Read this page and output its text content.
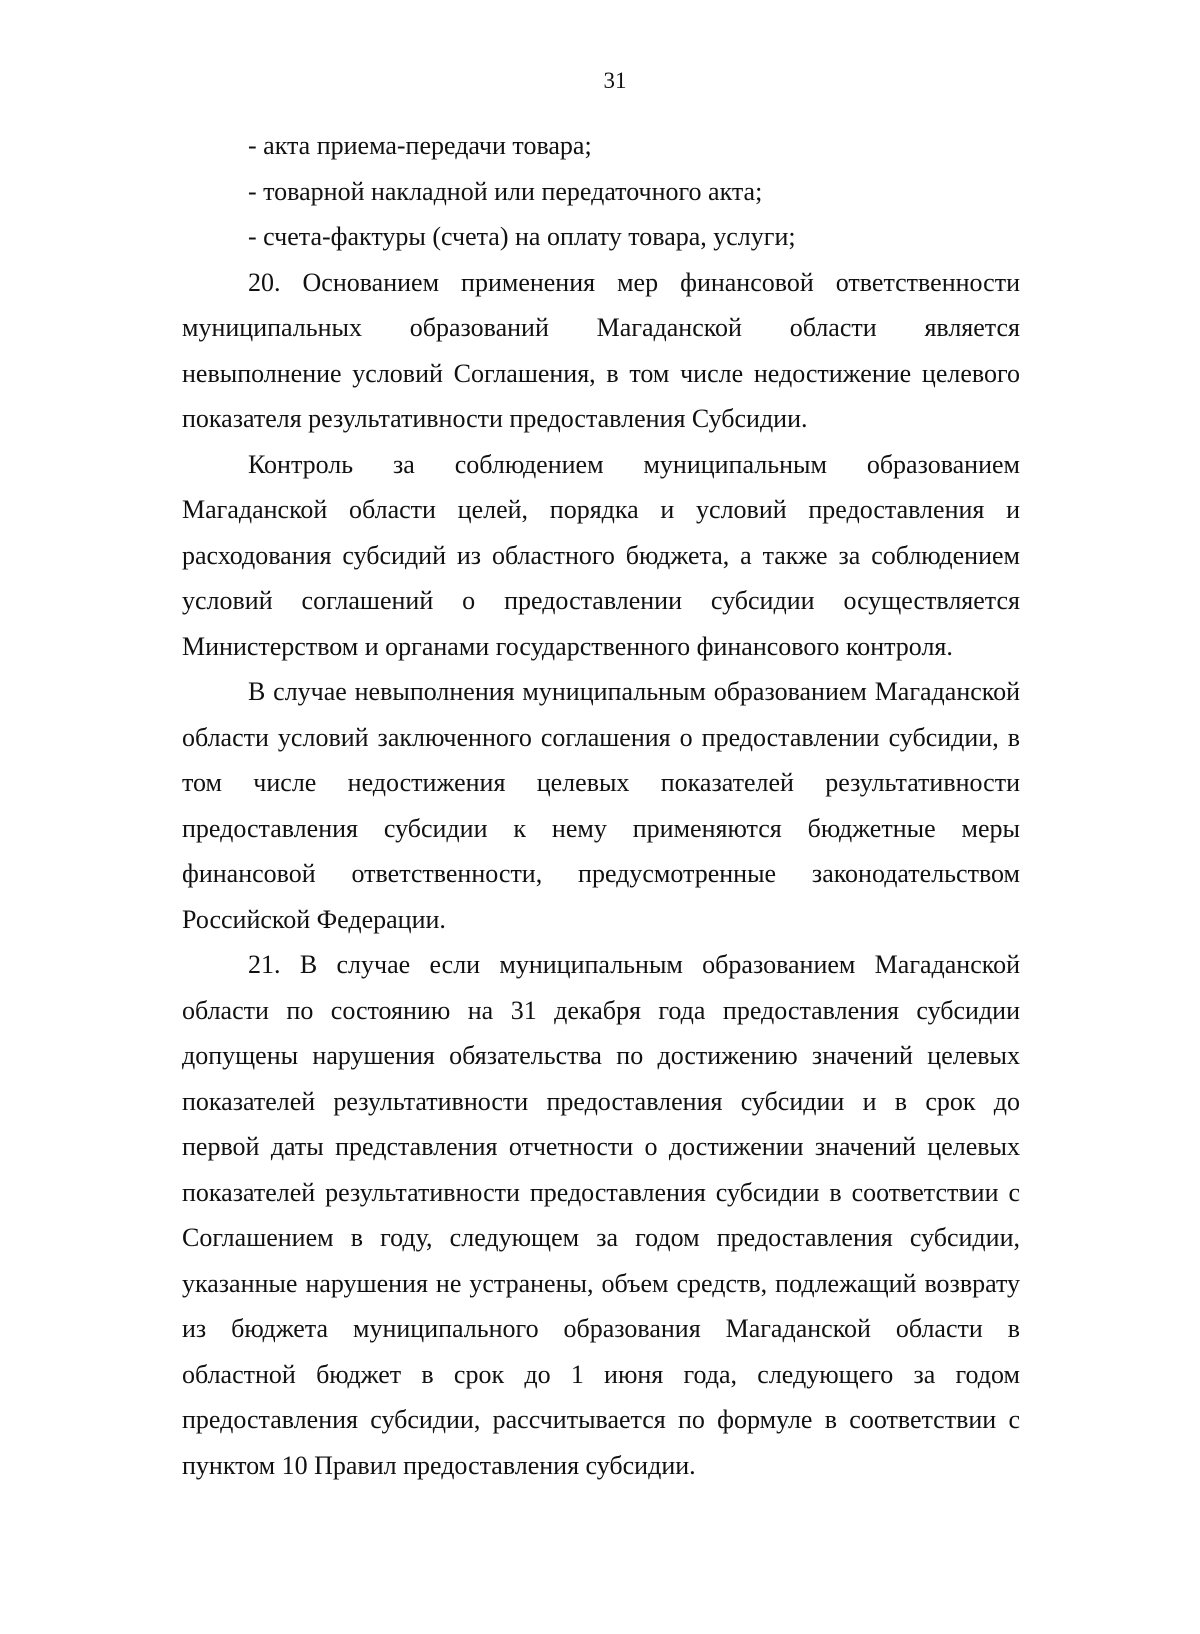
31

- акта приема-передачи товара;

- товарной накладной или передаточного акта;

- счета-фактуры (счета) на оплату товара, услуги;

20. Основанием применения мер финансовой ответственности муниципальных образований Магаданской области является невыполнение условий Соглашения, в том числе недостижение целевого показателя результативности предоставления Субсидии.

Контроль за соблюдением муниципальным образованием Магаданской области целей, порядка и условий предоставления и расходования субсидий из областного бюджета, а также за соблюдением условий соглашений о предоставлении субсидии осуществляется Министерством и органами государственного финансового контроля.

В случае невыполнения муниципальным образованием Магаданской области условий заключенного соглашения о предоставлении субсидии, в том числе недостижения целевых показателей результативности предоставления субсидии к нему применяются бюджетные меры финансовой ответственности, предусмотренные законодательством Российской Федерации.

21. В случае если муниципальным образованием Магаданской области по состоянию на 31 декабря года предоставления субсидии допущены нарушения обязательства по достижению значений целевых показателей результативности предоставления субсидии и в срок до первой даты представления отчетности о достижении значений целевых показателей результативности предоставления субсидии в соответствии с Соглашением в году, следующем за годом предоставления субсидии, указанные нарушения не устранены, объем средств, подлежащий возврату из бюджета муниципального образования Магаданской области в областной бюджет в срок до 1 июня года, следующего за годом предоставления субсидии, рассчитывается по формуле в соответствии с пунктом 10 Правил предоставления субсидии.
